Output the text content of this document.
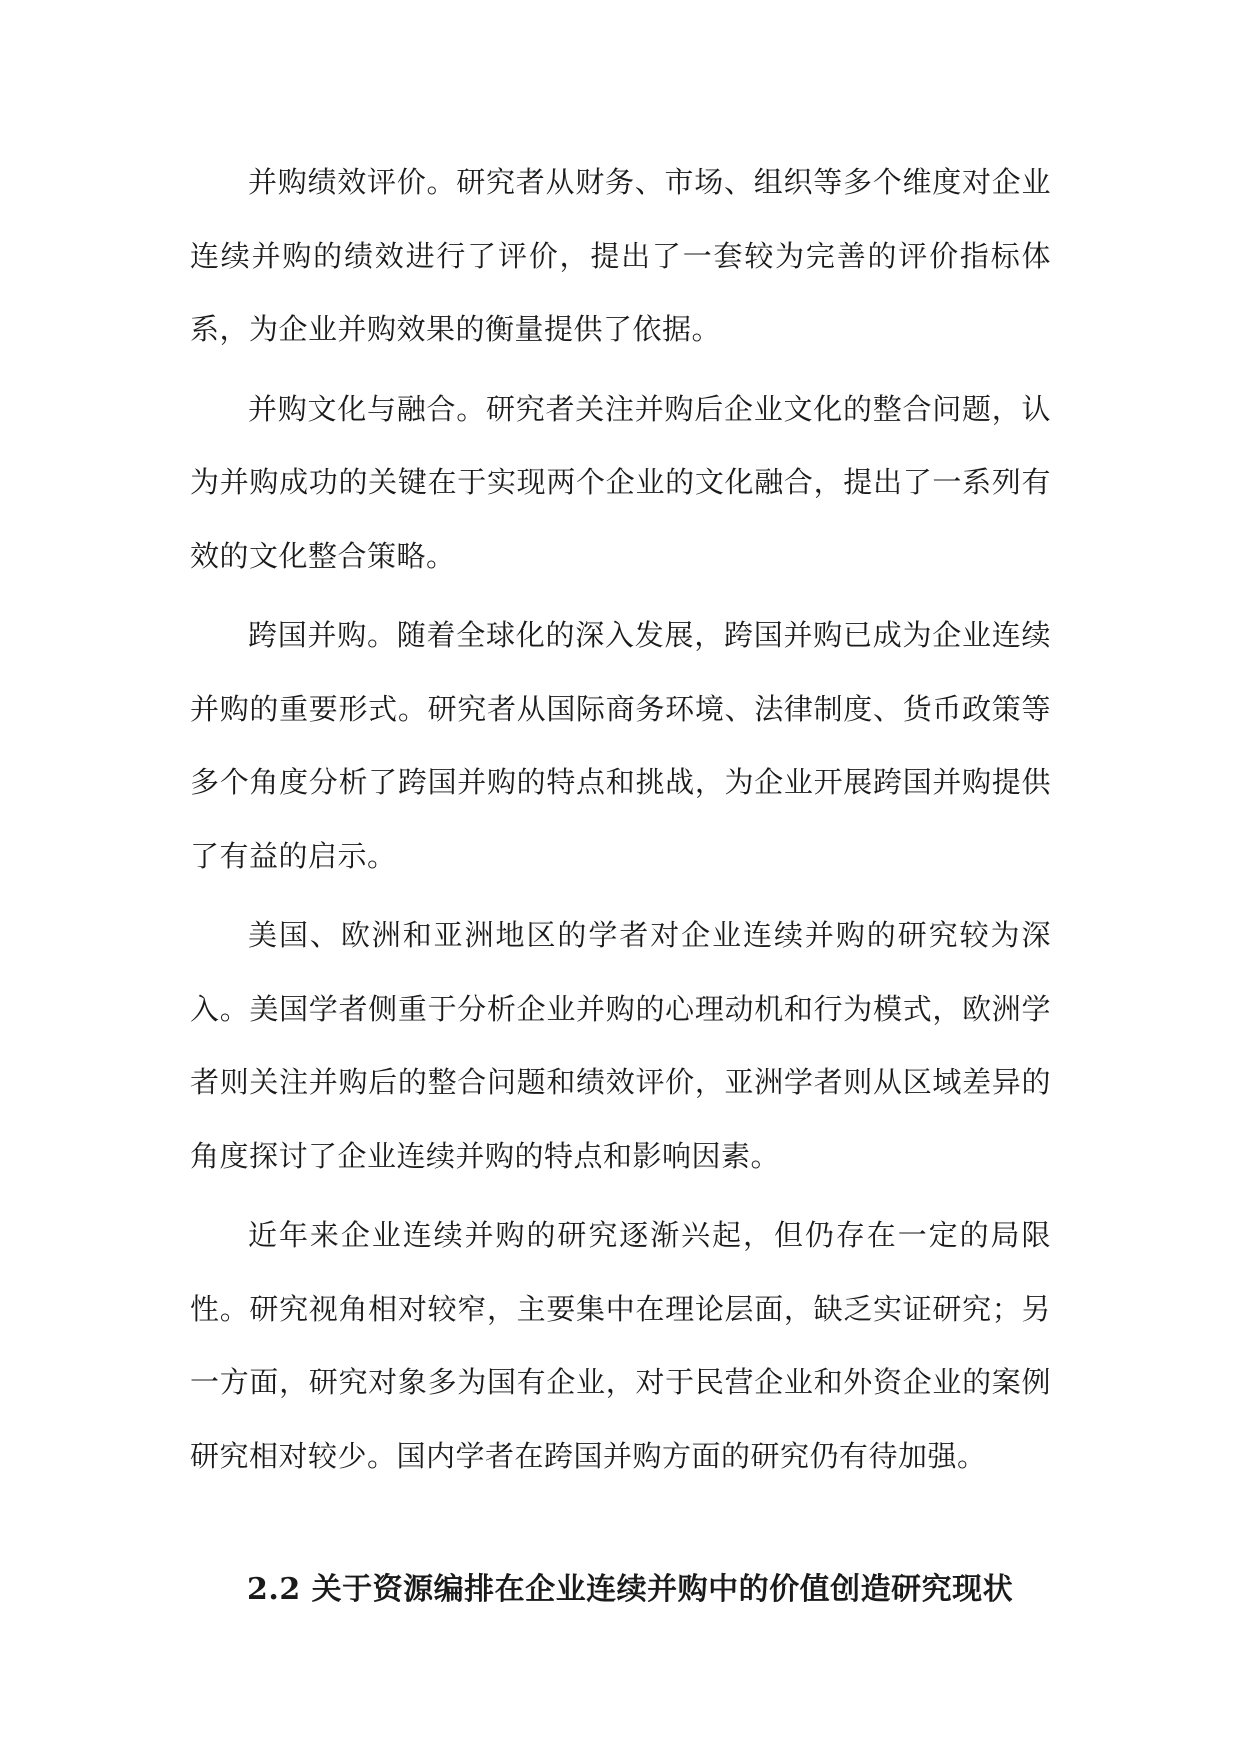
并购绩效评价。研究者从财务、市场、组织等多个维度对企业连续并购的绩效进行了评价，提出了一套较为完善的评价指标体系，为企业并购效果的衡量提供了依据。

并购文化与融合。研究者关注并购后企业文化的整合问题，认为并购成功的关键在于实现两个企业的文化融合，提出了一系列有效的文化整合策略。

跨国并购。随着全球化的深入发展，跨国并购已成为企业连续并购的重要形式。研究者从国际商务环境、法律制度、货币政策等多个角度分析了跨国并购的特点和挑战，为企业开展跨国并购提供了有益的启示。

美国、欧洲和亚洲地区的学者对企业连续并购的研究较为深入。美国学者侧重于分析企业并购的心理动机和行为模式，欧洲学者则关注并购后的整合问题和绩效评价，亚洲学者则从区域差异的角度探讨了企业连续并购的特点和影响因素。

近年来企业连续并购的研究逐渐兴起，但仍存在一定的局限性。研究视角相对较窄，主要集中在理论层面，缺乏实证研究；另一方面，研究对象多为国有企业，对于民营企业和外资企业的案例研究相对较少。国内学者在跨国并购方面的研究仍有待加强。

2.2 关于资源编排在企业连续并购中的价值创造研究现状
